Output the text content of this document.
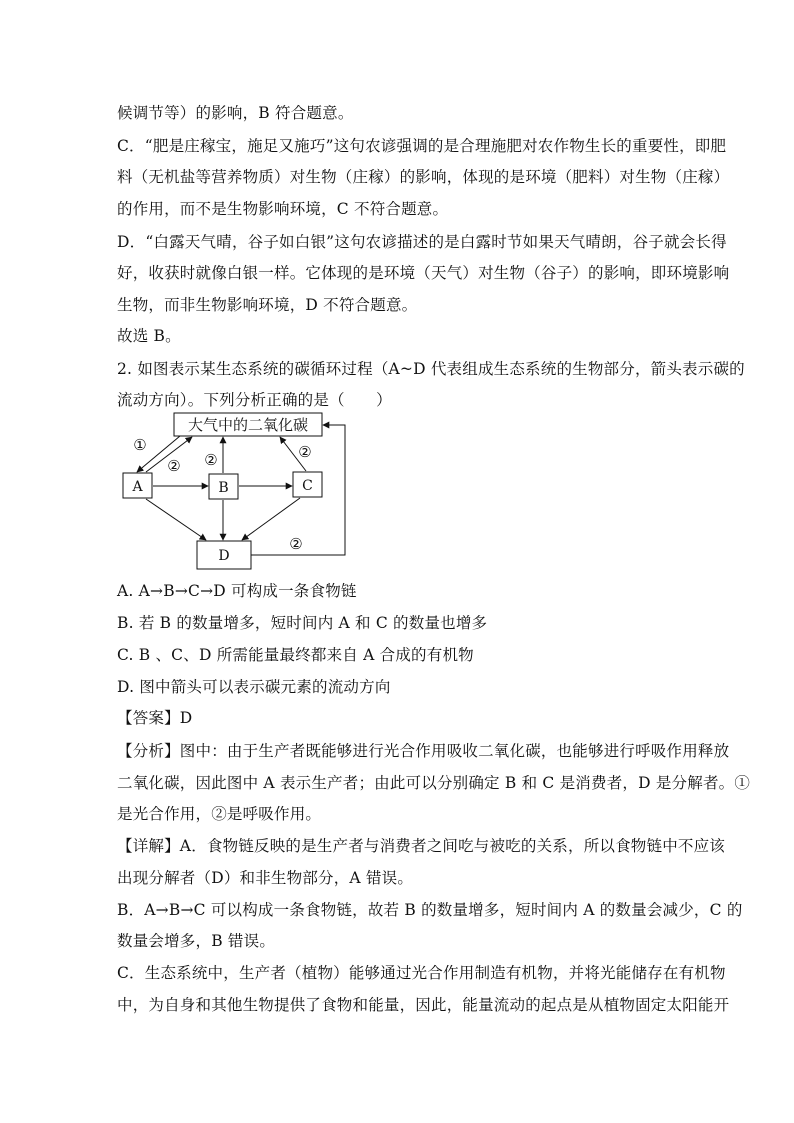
候调节等）的影响，B 符合题意。
C．“肥是庄稼宝，施足又施巧”这句农谚强调的是合理施肥对农作物生长的重要性，即肥
料（无机盐等营养物质）对生物（庄稼）的影响，体现的是环境（肥料）对生物（庄稼）
的作用，而不是生物影响环境，C 不符合题意。
D．“白露天气晴，谷子如白银”这句农谚描述的是白露时节如果天气晴朗，谷子就会长得
好，收获时就像白银一样。它体现的是环境（天气）对生物（谷子）的影响，即环境影响
生物，而非生物影响环境，D 不符合题意。
故选 B。
2. 如图表示某生态系统的碳循环过程（A~D 代表组成生态系统的生物部分，箭头表示碳的
流动方向）。下列分析正确的是（　　）
大气中的二氧化碳
A	B	C
D
①
② ②	②
②
A. A→B→C→D 可构成一条食物链
B. 若 B 的数量增多，短时间内 A 和 C 的数量也增多
C. B 、C、D 所需能量最终都来自 A 合成的有机物
D. 图中箭头可以表示碳元素的流动方向
【答案】D
【分析】图中：由于生产者既能够进行光合作用吸收二氧化碳，也能够进行呼吸作用释放
二氧化碳，因此图中 A 表示生产者；由此可以分别确定 B 和 C 是消费者，D 是分解者。①
是光合作用，②是呼吸作用。
【详解】A．食物链反映的是生产者与消费者之间吃与被吃的关系，所以食物链中不应该
出现分解者（D）和非生物部分，A 错误。
B．A→B→C 可以构成一条食物链，故若 B 的数量增多，短时间内 A 的数量会减少，C 的
数量会增多，B 错误。
C．生态系统中，生产者（植物）能够通过光合作用制造有机物，并将光能储存在有机物
中，为自身和其他生物提供了食物和能量，因此，能量流动的起点是从植物固定太阳能开
